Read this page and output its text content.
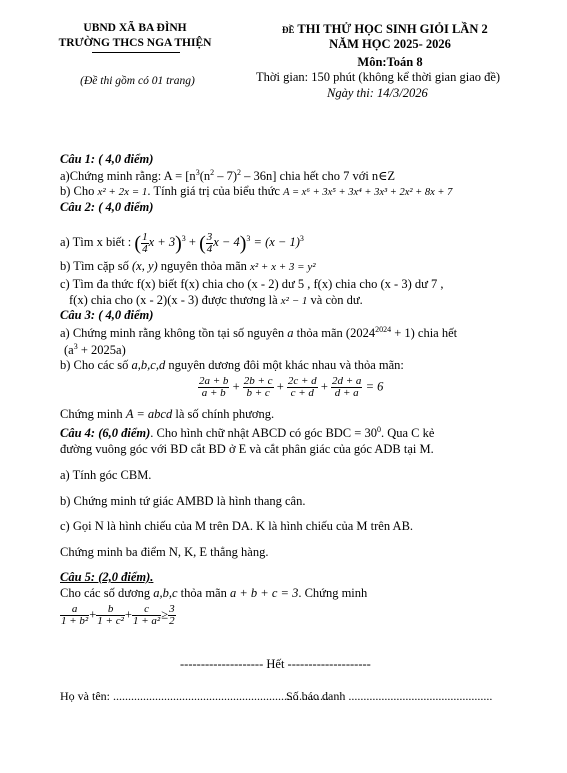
UBND XÃ BA ĐÌNH
TRƯỜNG THCS NGA THIỆN
(Đề thi gồm có 01 trang)
ĐỀ THI THỬ HỌC SINH GIỎI LẦN 2
NĂM HỌC 2025- 2026
Môn:Toán 8
Thời gian: 150 phút (không kể thời gian giao đề)
Ngày thi: 14/3/2026
Câu 1: ( 4,0 điểm)
a)Chứng minh rằng: $A = [n^3(n^2 - 7)^2 - 36n]$ chia hết cho 7 với n∈Z
b) Cho x² + 2x = 1. Tính giá trị của biểu thức A = x⁶ + 3x⁵ + 3x⁴ + 3x³ + 2x² + 8x + 7
Câu 2: ( 4,0 điểm)
a) Tìm x biết : ( $\frac{1}{4}$ x + 3)$^3$ + ( $\frac{3}{4}$ $x - 4)^3 = (x - 1)^3$
b) Tìm cặp số (x, y) nguyên thỏa mãn x² + x + 3 = y²
c) Tìm đa thức f(x) biết f(x) chia cho (x - 2) dư 5 , f(x) chia cho (x - 3) dư 7 ,
f(x) chia cho (x - 2)(x - 3) được thương là x² − 1 và còn dư.
Câu 3: ( 4,0 điểm)
a) Chứng minh rằng không tồn tại số nguyên a thỏa mãn $(2024^{2024} + 1)$ chia hết
$(a^3 + 2025a)$
b) Cho các số a,b,c,d nguyên dương đôi một khác nhau và thỏa mãn:
$\frac{2a + b}{a + b} + \frac{2b + c}{b + c} + \frac{2c + d}{c + d} + \frac{2d + a}{d + a} = 6$
Chứng minh A = abcd là số chính phương.
Câu 4: (6,0 điểm). Cho hình chữ nhật ABCD có góc BDC = $30^0$. Qua C kẻ
đường vuông góc với BD cắt BD ở E và cắt phân giác của góc ADB tại M.
a) Tính góc CBM.
b) Chứng minh tứ giác AMBD là hình thang cân.
c) Gọi N là hình chiếu của M trên DA. K là hình chiếu của M trên AB.
Chứng minh ba điểm N, K, E thẳng hàng.
Câu 5: (2,0 điểm).
Cho các số dương a,b,c thỏa mãn a + b + c = 3. Chứng minh
$\frac{a}{\text{1 + b²}} + \frac{b}{\text{1 + c²}} + \frac{c}{\text{1 + a²}} \ge \frac{3}{2}$
-------------------- Hết --------------------
Họ và tên: ........................................................................
Số báo danh ................................................
